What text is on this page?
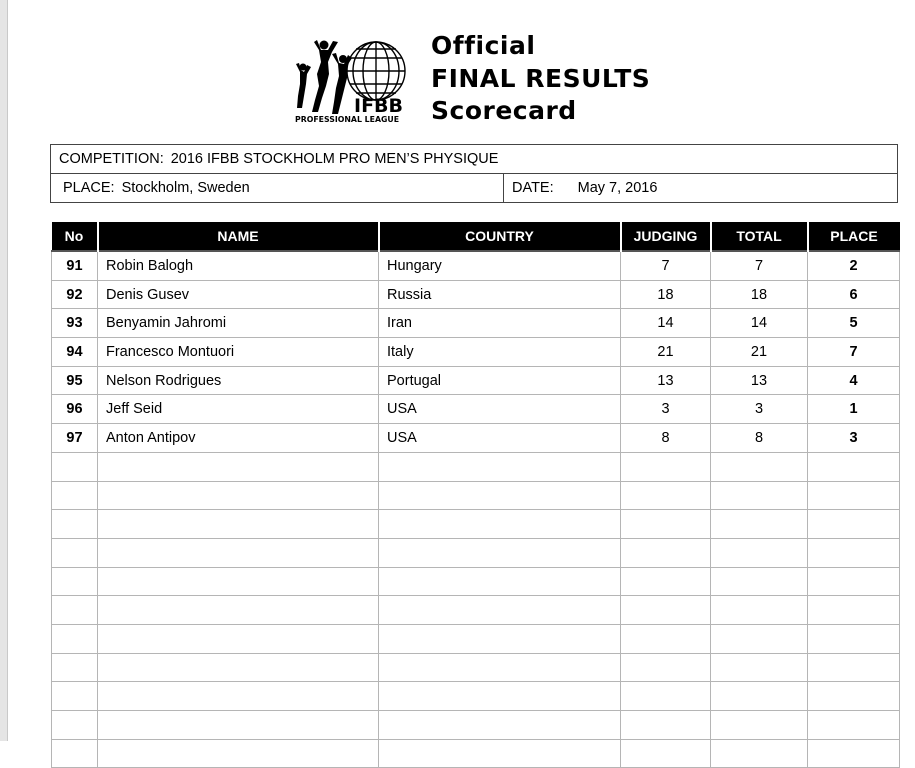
IFBB
PROFESSIONAL LEAGUE
Official
FINAL RESULTS
Scorecard
COMPETITION: 2016 IFBB STOCKHOLM PRO MEN’S PHYSIQUE
PLACE: Stockholm, Sweden	DATE: May 7, 2016
No	NAME	COUNTRY	JUDGING	TOTAL	PLACE
91	Robin Balogh	Hungary	7	7	2
92	Denis Gusev	Russia	18	18	6
93	Benyamin Jahromi	Iran	14	14	5
94	Francesco Montuori	Italy	21	21	7
95	Nelson Rodrigues	Portugal	13	13	4
96	Jeff Seid	USA	3	3	1
97	Anton Antipov	USA	8	8	3
